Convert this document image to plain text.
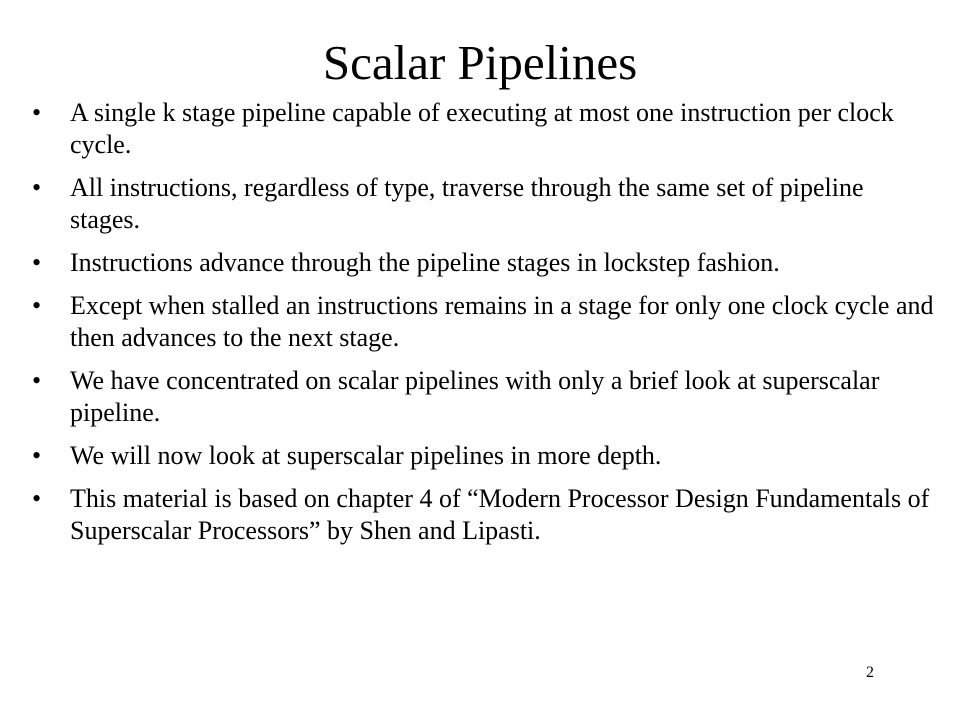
Scalar Pipelines
•	A single k stage pipeline capable of executing at most one instruction per clock cycle.
•	All instructions, regardless of type, traverse through the same set of pipeline stages.
•	Instructions advance through the pipeline stages in lockstep fashion.
•	Except when stalled an instructions remains in a stage for only one clock cycle and then advances to the next stage.
•	We have concentrated on scalar pipelines with only a brief look at superscalar pipeline.
•	We will now look at superscalar pipelines in more depth.
•	This material is based on chapter 4 of “Modern Processor Design Fundamentals of Superscalar Processors” by Shen and Lipasti.
2
